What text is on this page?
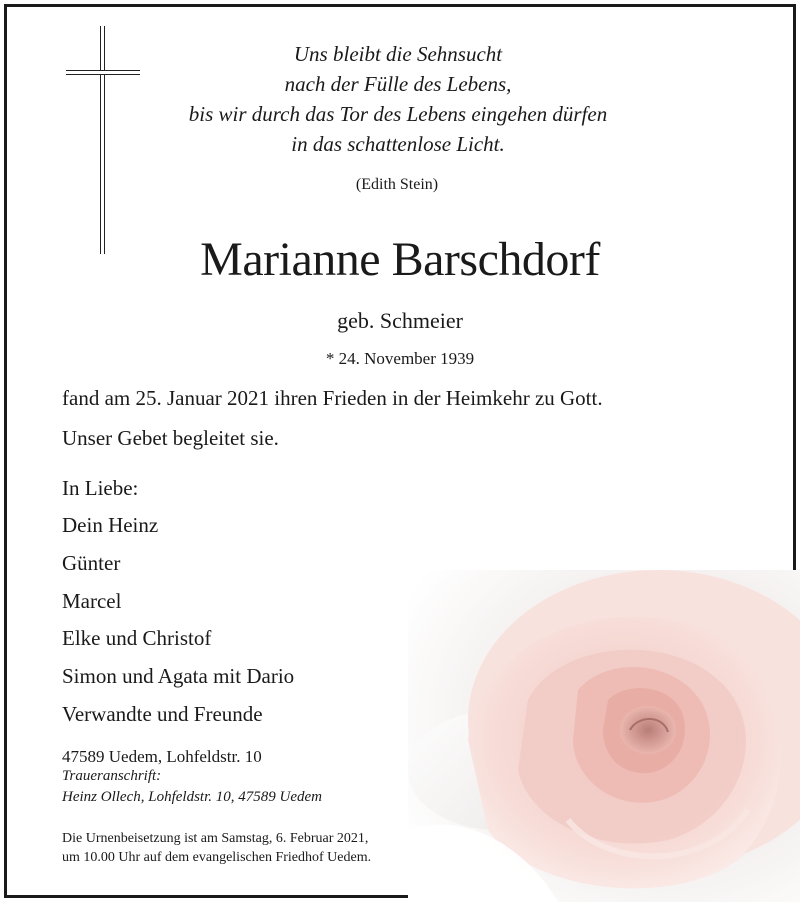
Uns bleibt die Sehnsucht
nach der Fülle des Lebens,
bis wir durch das Tor des Lebens eingehen dürfen
in das schattenlose Licht.
(Edith Stein)
Marianne Barschdorf
geb. Schmeier
* 24. November 1939
fand am 25. Januar 2021 ihren Frieden in der Heimkehr zu Gott.
Unser Gebet begleitet sie.
In Liebe:
Dein Heinz
Günter
Marcel
Elke und Christof
Simon und Agata mit Dario
Verwandte und Freunde
47589 Uedem, Lohfeldstr. 10
Traueranschrift:
Heinz Ollech, Lohfeldstr. 10, 47589 Uedem
Die Urnenbeisetzung ist am Samstag, 6. Februar 2021,
um 10.00 Uhr auf dem evangelischen Friedhof Uedem.
